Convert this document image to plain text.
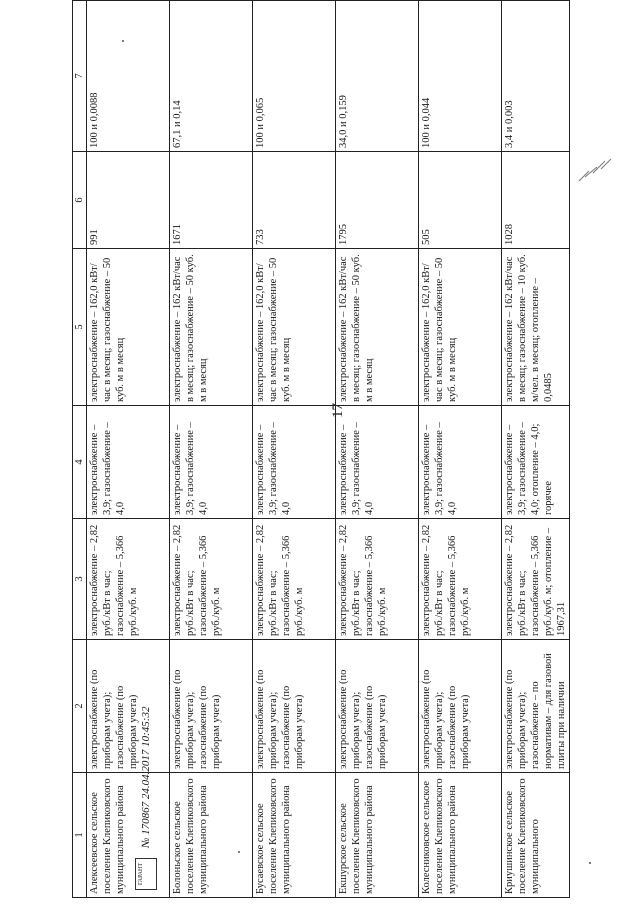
17
1	2	3	4	5	6	7
Алексеевское сельское поселение Клепиковского муниципального района	электроснабжение (по приборам учета); газоснабжение (по приборам учета)	электроснабжение – 2,82 руб./кВт в час; газоснабжение – 5,366 руб./куб. м	электроснабжение – 3,9; газоснабжение – 4,0	электроснабжение – 162,0 кВт/час в месяц; газоснабжение – 50 куб. м в месяц	991	100 и 0,0088
Болоньское сельское поселение Клепиковского муниципального района	электроснабжение (по приборам учета); газоснабжение (по приборам учета)	электроснабжение – 2,82 руб./кВт в час; газоснабжение – 5,366 руб./куб. м	электроснабжение – 3,9; газоснабжение – 4,0	электроснабжение – 162 кВт/час в месяц; газоснабжение – 50 куб. м в месяц	1671	67,1 и 0,14
Бусаевское сельское поселение Клепиковского муниципального района	электроснабжение (по приборам учета); газоснабжение (по приборам учета)	электроснабжение – 2,82 руб./кВт в час; газоснабжение – 5,366 руб./куб. м	электроснабжение – 3,9; газоснабжение – 4,0	электроснабжение – 162,0 кВт/час в месяц; газоснабжение – 50 куб. м в месяц	733	100 и 0,065
Екшурское сельское поселение Клепиковского муниципального района	электроснабжение (по приборам учета); газоснабжение (по приборам учета)	электроснабжение – 2,82 руб./кВт в час; газоснабжение – 5,366 руб./куб. м	электроснабжение – 3,9; газоснабжение – 4,0	электроснабжение – 162 кВт/час в месяц; газоснабжение – 50 куб. м в месяц	1795	34,0 и 0,159
Колесниковское сельское поселение Клепиковского муниципального района	электроснабжение (по приборам учета); газоснабжение (по приборам учета)	электроснабжение – 2,82 руб./кВт в час; газоснабжение – 5,366 руб./куб. м	электроснабжение – 3,9; газоснабжение – 4,0	электроснабжение – 162,0 кВт/час в месяц; газоснабжение – 50 куб. м в месяц	505	100 и 0,044
Криушинское сельское поселение Клепиковского муниципального	электроснабжение (по приборам учета); газоснабжение – по нормативам – для газовой плиты при наличии	электроснабжение – 2,82 руб./кВт в час; газоснабжение – 5,366 руб./куб. м; отопление – 1967,31	электроснабжение – 3,9; газоснабжение – 4,0; отопление – 4,0; горячее	электроснабжение – 162 кВт/час в месяц; газоснабжение – 10 куб. м/чел. в месяц; отопление – 0,0485	1028	3,4 и 0,003
ГАРАНТ № 170867 24.04.2017 10:45:32
